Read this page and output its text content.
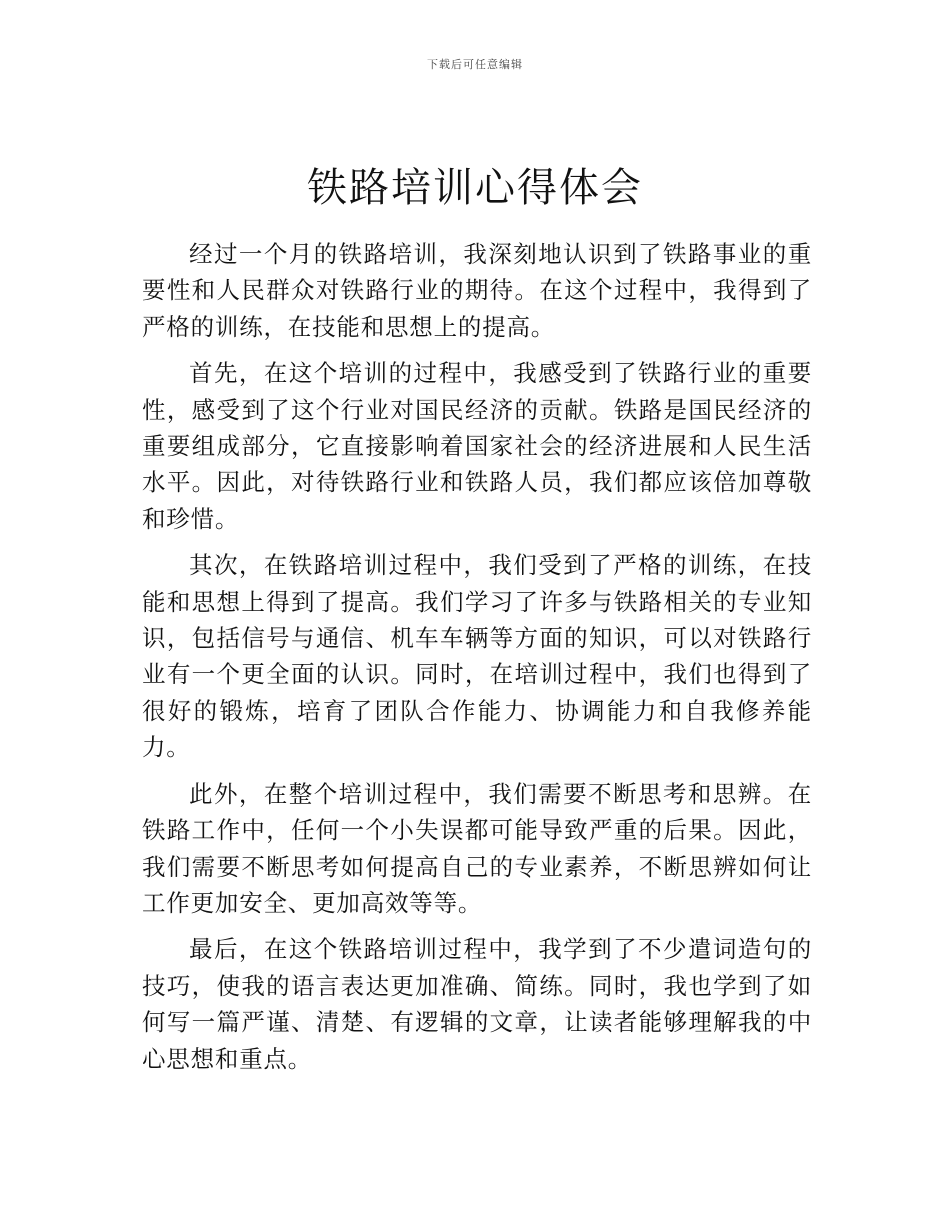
下载后可任意编辑
铁路培训心得体会

经过一个月的铁路培训，我深刻地认识到了铁路事业的重要性和人民群众对铁路行业的期待。在这个过程中，我得到了严格的训练，在技能和思想上的提高。

首先，在这个培训的过程中，我感受到了铁路行业的重要性，感受到了这个行业对国民经济的贡献。铁路是国民经济的重要组成部分，它直接影响着国家社会的经济进展和人民生活水平。因此，对待铁路行业和铁路人员，我们都应该倍加尊敬和珍惜。

其次，在铁路培训过程中，我们受到了严格的训练，在技能和思想上得到了提高。我们学习了许多与铁路相关的专业知识，包括信号与通信、机车车辆等方面的知识，可以对铁路行业有一个更全面的认识。同时，在培训过程中，我们也得到了很好的锻炼，培育了团队合作能力、协调能力和自我修养能力。

此外，在整个培训过程中，我们需要不断思考和思辨。在铁路工作中，任何一个小失误都可能导致严重的后果。因此，我们需要不断思考如何提高自己的专业素养，不断思辨如何让工作更加安全、更加高效等等。

最后，在这个铁路培训过程中，我学到了不少遣词造句的技巧，使我的语言表达更加准确、简练。同时，我也学到了如何写一篇严谨、清楚、有逻辑的文章，让读者能够理解我的中心思想和重点。
